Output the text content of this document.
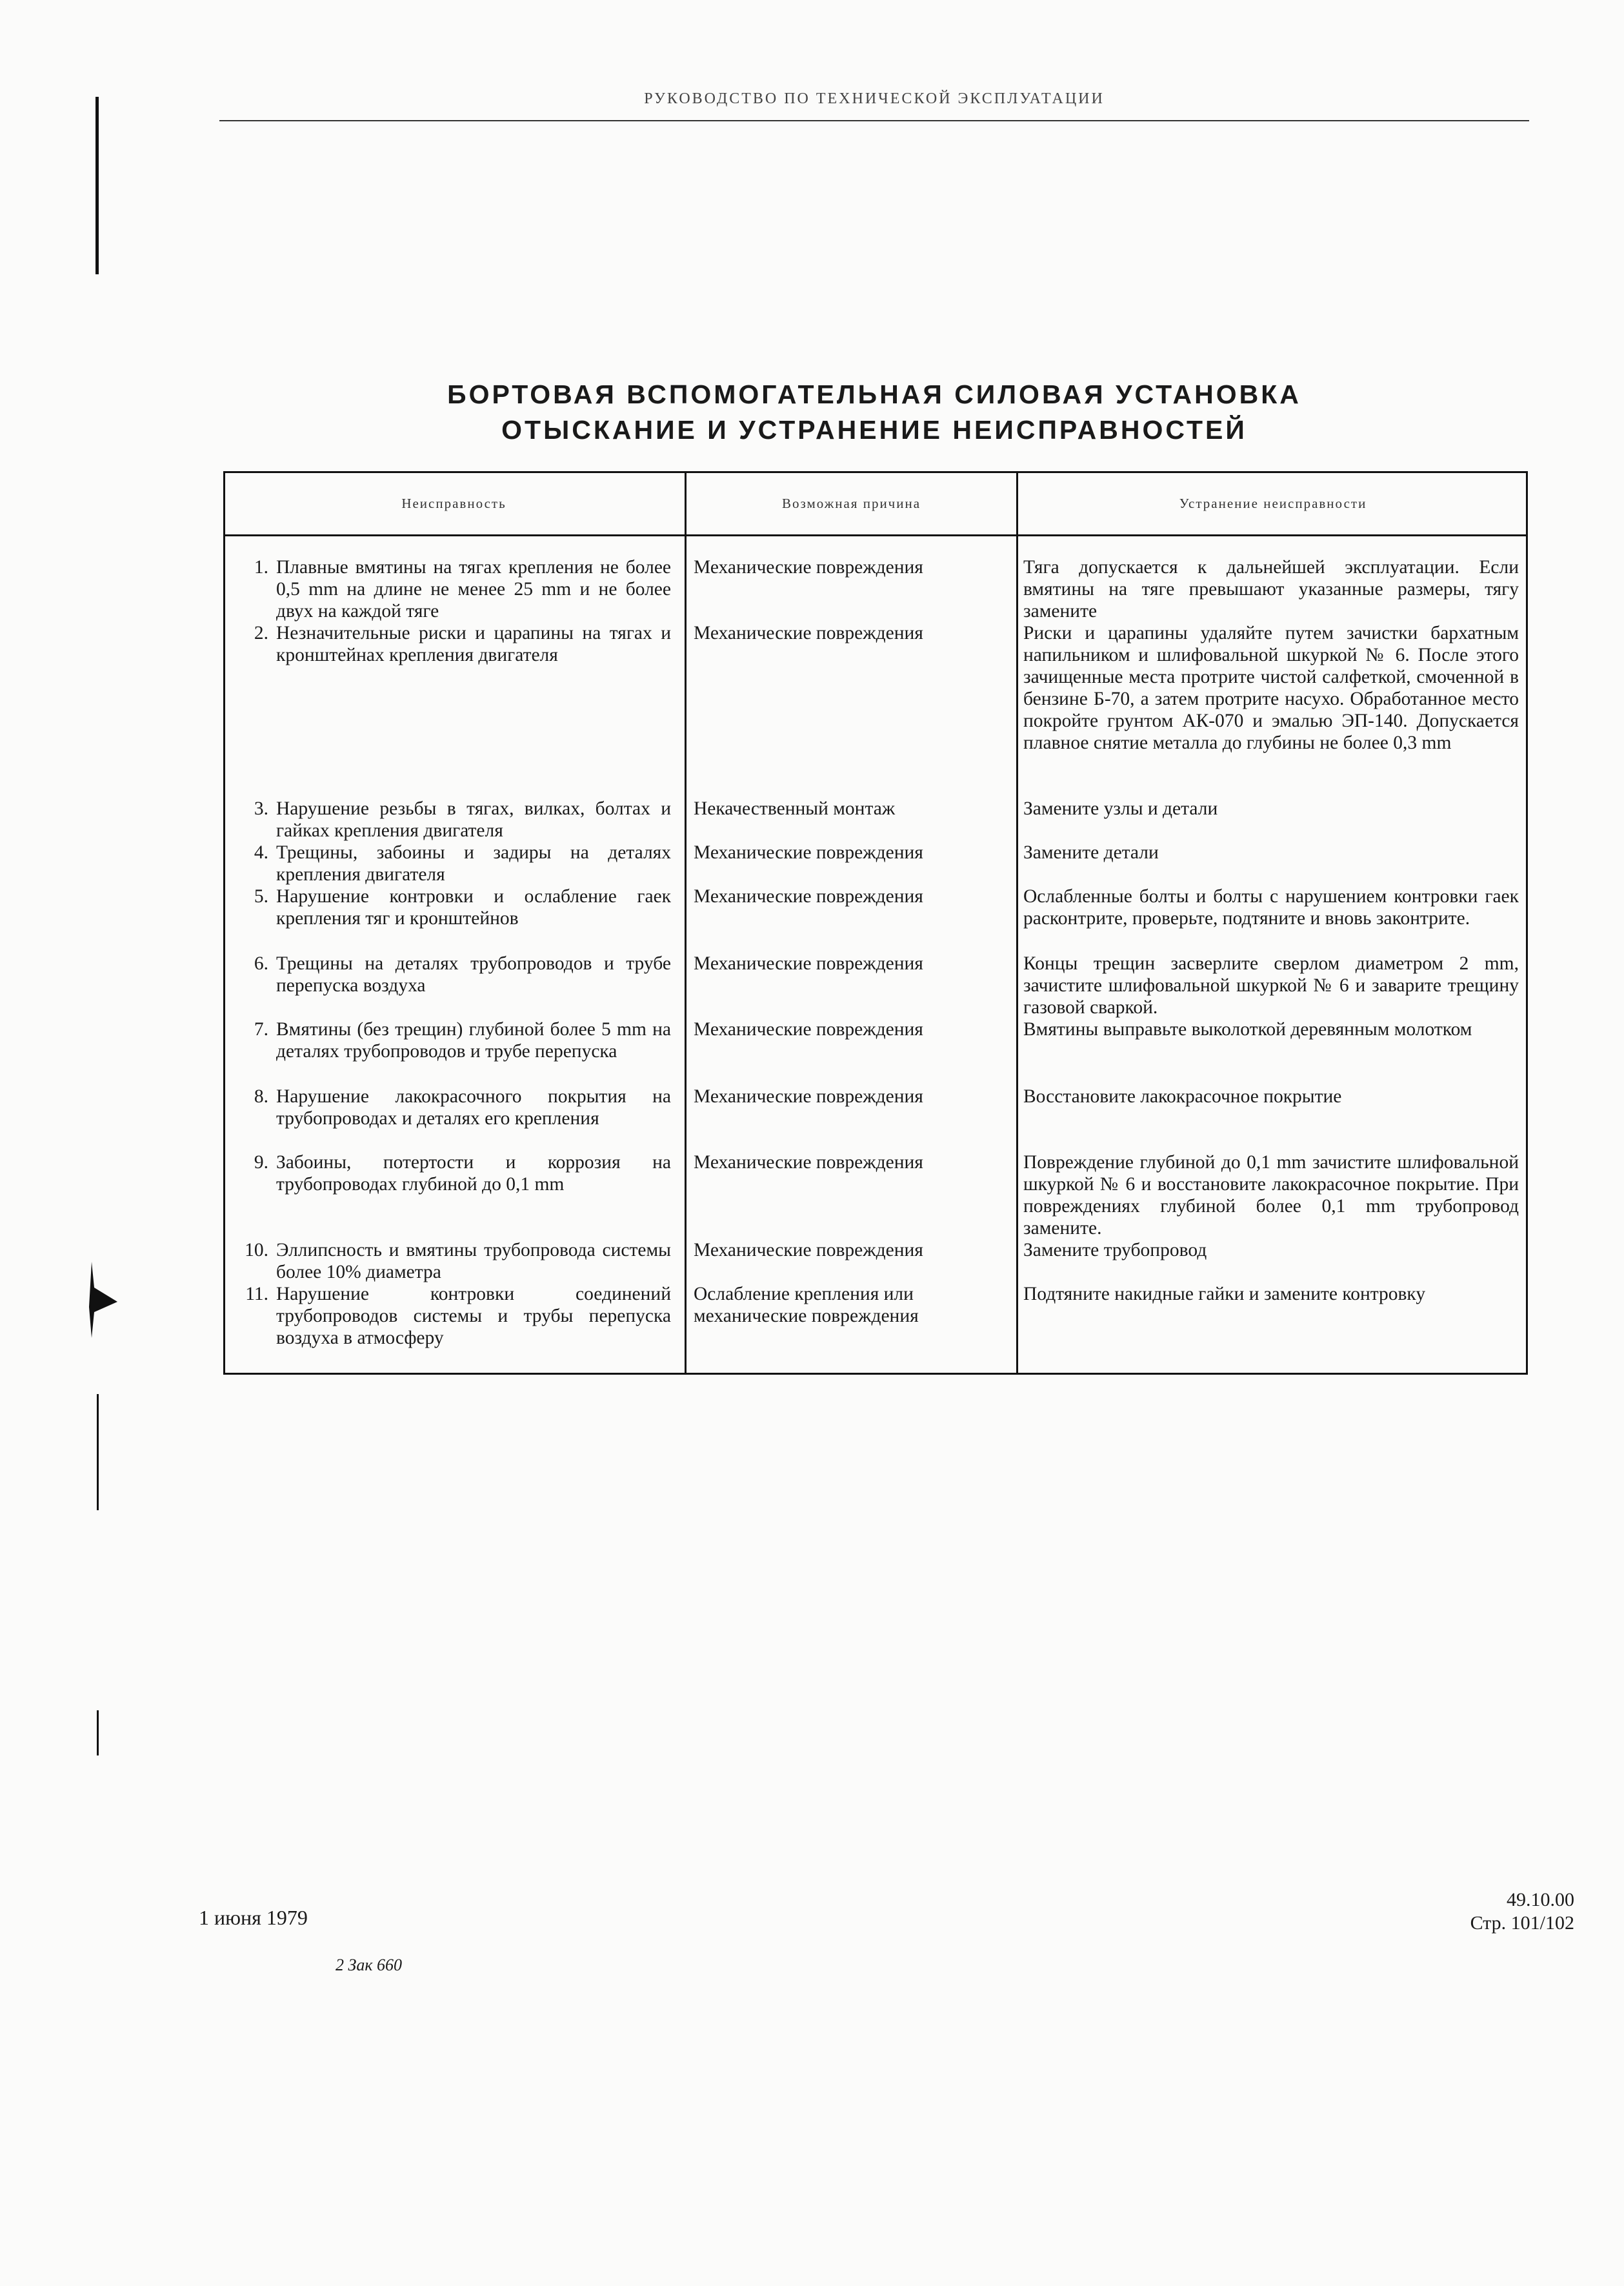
РУКОВОДСТВО ПО ТЕХНИЧЕСКОЙ ЭКСПЛУАТАЦИИ
БОРТОВАЯ ВСПОМОГАТЕЛЬНАЯ СИЛОВАЯ УСТАНОВКА
ОТЫСКАНИЕ И УСТРАНЕНИЕ НЕИСПРАВНОСТЕЙ
Неисправность	Возможная причина	Устранение неисправности
1. Плавные вмятины на тягах крепления не более 0,5 mm на длине не менее 25 mm и не более двух на каждой тяге
Механические повреждения	Тяга допускается к дальнейшей эксплуатации. Если вмятины на тяге превышают указанные размеры, тягу замените
2. Незначительные риски и царапины на тягах и кронштейнах крепления двигателя
Механические повреждения	Риски и царапины удаляйте путем зачистки бархатным напильником и шлифовальной шкуркой № 6. После этого зачищенные места протрите чистой салфеткой, смоченной в бензине Б-70, а затем протрите насухо. Обработанное место покройте грунтом АК-070 и эмалью ЭП-140. Допускается плавное снятие металла до глубины не более 0,3 mm
3. Нарушение резьбы в тягах, вилках, болтах и гайках крепления двигателя
Некачественный монтаж	Замените узлы и детали
4. Трещины, забоины и задиры на деталях крепления двигателя
Механические повреждения	Замените детали
5. Нарушение контровки и ослабление гаек крепления тяг и кронштейнов
Механические повреждения	Ослабленные болты и болты с нарушением контровки гаек расконтрите, проверьте, подтяните и вновь законтрите.
6. Трещины на деталях трубопроводов и трубе перепуска воздуха
Механические повреждения	Концы трещин засверлите сверлом диаметром 2 mm, зачистите шлифовальной шкуркой № 6 и заварите трещину газовой сваркой.
7. Вмятины (без трещин) глубиной более 5 mm на деталях трубопроводов и трубе перепуска
Механические повреждения	Вмятины выправьте выколоткой деревянным молотком
8. Нарушение лакокрасочного покрытия на трубопроводах и деталях его крепления
Механические повреждения	Восстановите лакокрасочное покрытие
9. Забоины, потертости и коррозия на трубопроводах глубиной до 0,1 mm
Механические повреждения	Повреждение глубиной до 0,1 mm зачистите шлифовальной шкуркой № 6 и восстановите лакокрасочное покрытие. При повреждениях глубиной более 0,1 mm трубопровод замените.
10. Эллипсность и вмятины трубопровода системы более 10% диаметра
Механические повреждения	Замените трубопровод
11. Нарушение контровки соединений трубопроводов системы и трубы перепуска воздуха в атмосферу
Ослабление крепления или механические повреждения
Подтяните накидные гайки и замените контровку
1 июня 1979
2 Зак 660
49.10.00
Стр. 101/102
